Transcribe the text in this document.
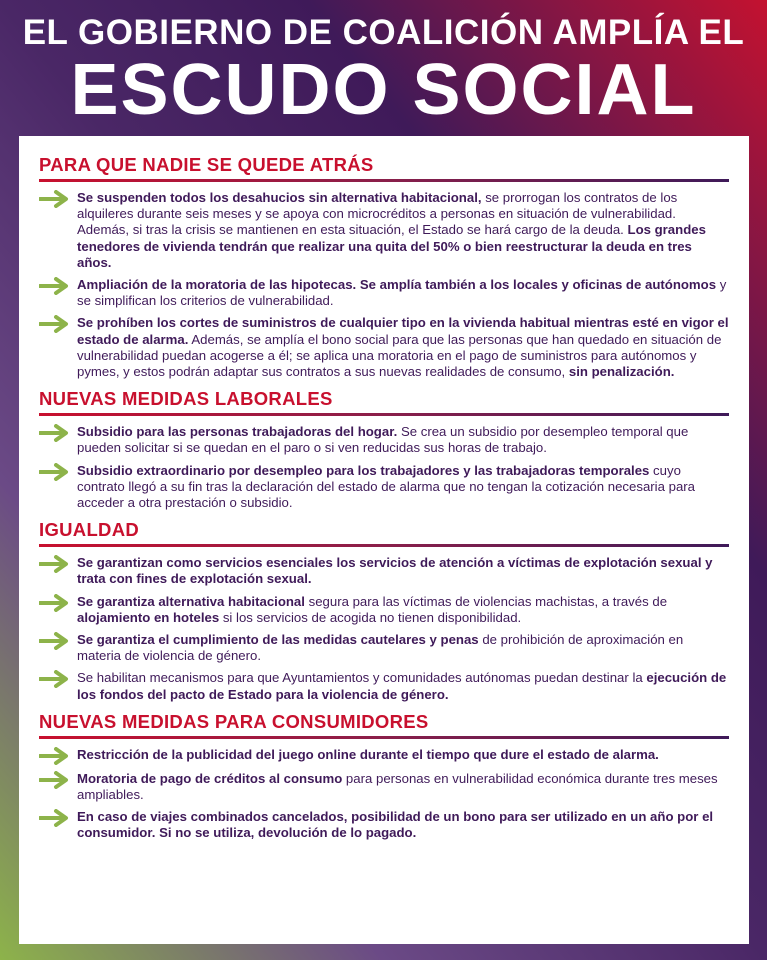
EL GOBIERNO DE COALICIÓN AMPLÍA EL
ESCUDO SOCIAL
PARA QUE NADIE SE QUEDE ATRÁS
Se suspenden todos los desahucios sin alternativa habitacional, se prorrogan los contratos de los alquileres durante seis meses y se apoya con microcréditos a personas en situación de vulnerabilidad. Además, si tras la crisis se mantienen en esta situación, el Estado se hará cargo de la deuda. Los grandes tenedores de vivienda tendrán que realizar una quita del 50% o bien reestructurar la deuda en tres años.
Ampliación de la moratoria de las hipotecas. Se amplía también a los locales y oficinas de autónomos y se simplifican los criterios de vulnerabilidad.
Se prohíben los cortes de suministros de cualquier tipo en la vivienda habitual mientras esté en vigor el estado de alarma. Además, se amplía el bono social para que las personas que han quedado en situación de vulnerabilidad puedan acogerse a él; se aplica una moratoria en el pago de suministros para autónomos y pymes, y estos podrán adaptar sus contratos a sus nuevas realidades de consumo, sin penalización.
NUEVAS MEDIDAS LABORALES
Subsidio para las personas trabajadoras del hogar. Se crea un subsidio por desempleo temporal que pueden solicitar si se quedan en el paro o si ven reducidas sus horas de trabajo.
Subsidio extraordinario por desempleo para los trabajadores y las trabajadoras temporales cuyo contrato llegó a su fin tras la declaración del estado de alarma que no tengan la cotización necesaria para acceder a otra prestación o subsidio.
IGUALDAD
Se garantizan como servicios esenciales los servicios de atención a víctimas de explotación sexual y trata con fines de explotación sexual.
Se garantiza alternativa habitacional segura para las víctimas de violencias machistas, a través de alojamiento en hoteles si los servicios de acogida no tienen disponibilidad.
Se garantiza el cumplimiento de las medidas cautelares y penas de prohibición de aproximación en materia de violencia de género.
Se habilitan mecanismos para que Ayuntamientos y comunidades autónomas puedan destinar la ejecución de los fondos del pacto de Estado para la violencia de género.
NUEVAS MEDIDAS PARA CONSUMIDORES
Restricción de la publicidad del juego online durante el tiempo que dure el estado de alarma.
Moratoria de pago de créditos al consumo para personas en vulnerabilidad económica durante tres meses ampliables.
En caso de viajes combinados cancelados, posibilidad de un bono para ser utilizado en un año por el consumidor. Si no se utiliza, devolución de lo pagado.
